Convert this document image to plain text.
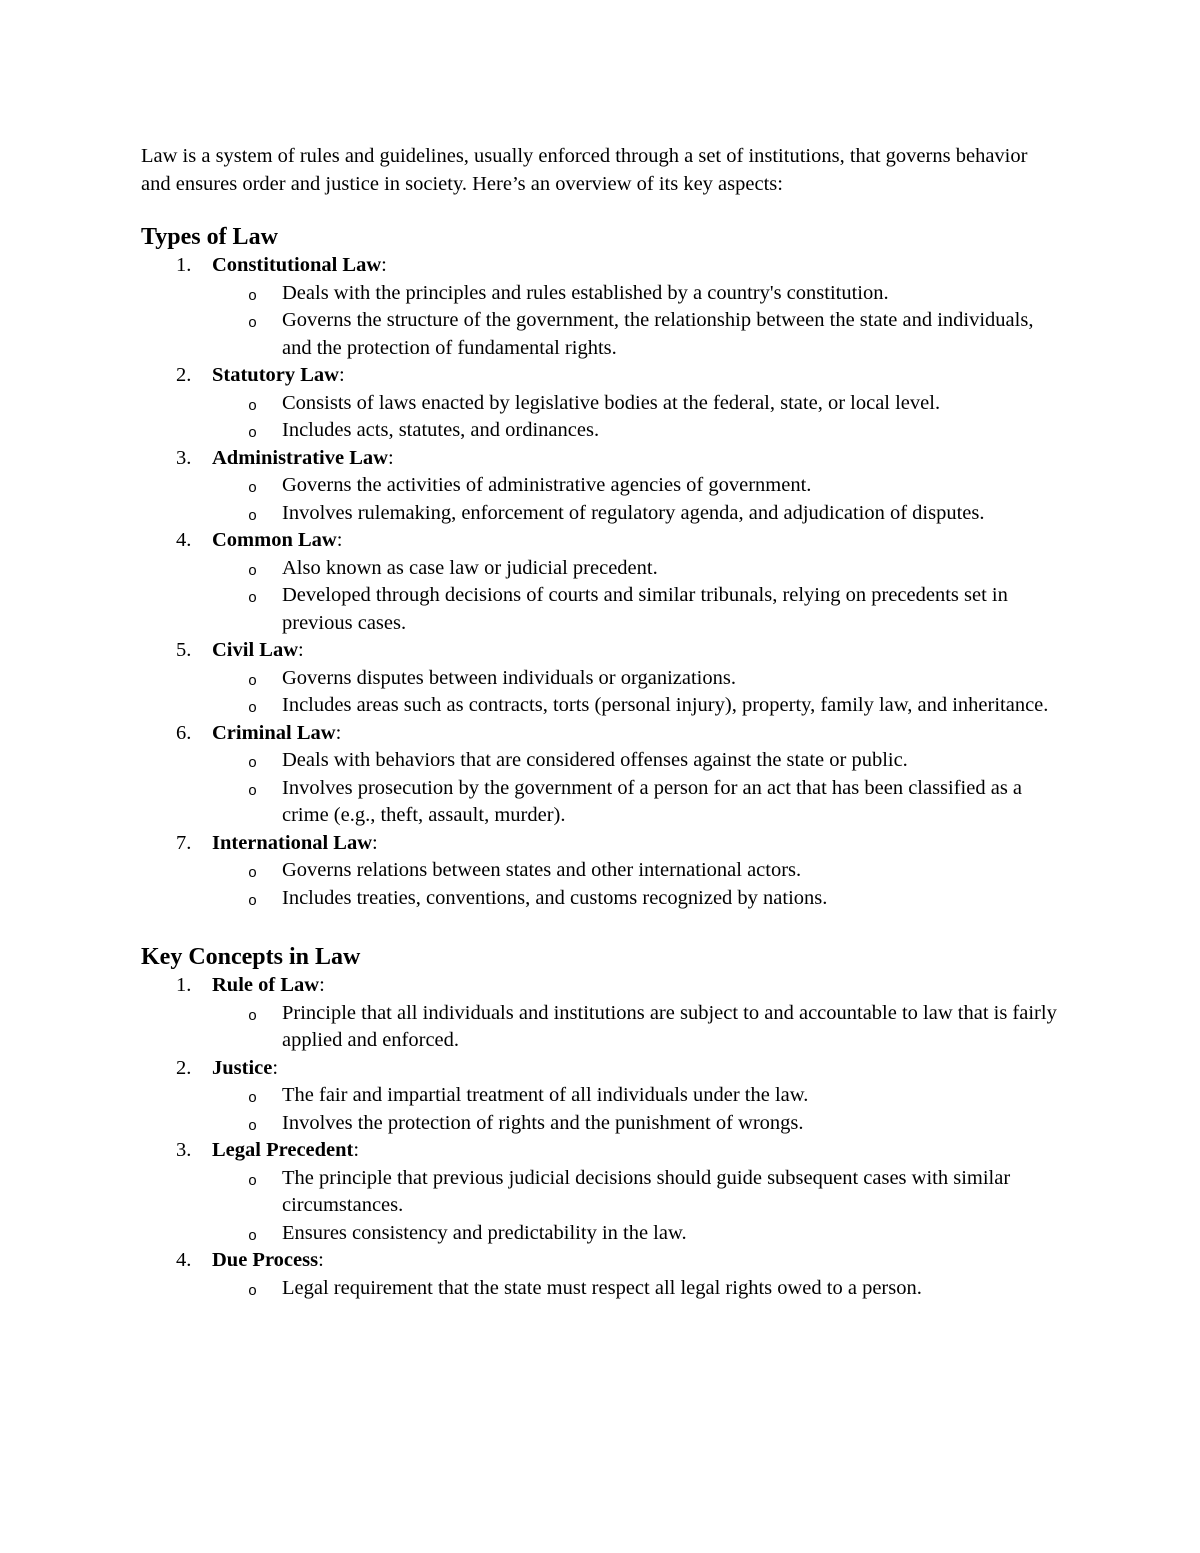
Law is a system of rules and guidelines, usually enforced through a set of institutions, that governs behavior and ensures order and justice in society. Here’s an overview of its key aspects:

Types of Law
1. Constitutional Law:
o	Deals with the principles and rules established by a country's constitution.
o	Governs the structure of the government, the relationship between the state and individuals, and the protection of fundamental rights.
2. Statutory Law:
o	Consists of laws enacted by legislative bodies at the federal, state, or local level.
o	Includes acts, statutes, and ordinances.
3. Administrative Law:
o	Governs the activities of administrative agencies of government.
o	Involves rulemaking, enforcement of regulatory agenda, and adjudication of disputes.
4. Common Law:
o	Also known as case law or judicial precedent.
o	Developed through decisions of courts and similar tribunals, relying on precedents set in previous cases.
5. Civil Law:
o	Governs disputes between individuals or organizations.
o	Includes areas such as contracts, torts (personal injury), property, family law, and inheritance.
6. Criminal Law:
o	Deals with behaviors that are considered offenses against the state or public.
o	Involves prosecution by the government of a person for an act that has been classified as a crime (e.g., theft, assault, murder).
7. International Law:
o	Governs relations between states and other international actors.
o	Includes treaties, conventions, and customs recognized by nations.
Key Concepts in Law
1. Rule of Law:
o	Principle that all individuals and institutions are subject to and accountable to law that is fairly applied and enforced.
2. Justice:
o	The fair and impartial treatment of all individuals under the law.
o	Involves the protection of rights and the punishment of wrongs.
3. Legal Precedent:
o	The principle that previous judicial decisions should guide subsequent cases with similar circumstances.
o	Ensures consistency and predictability in the law.
4. Due Process:
o	Legal requirement that the state must respect all legal rights owed to a person.
